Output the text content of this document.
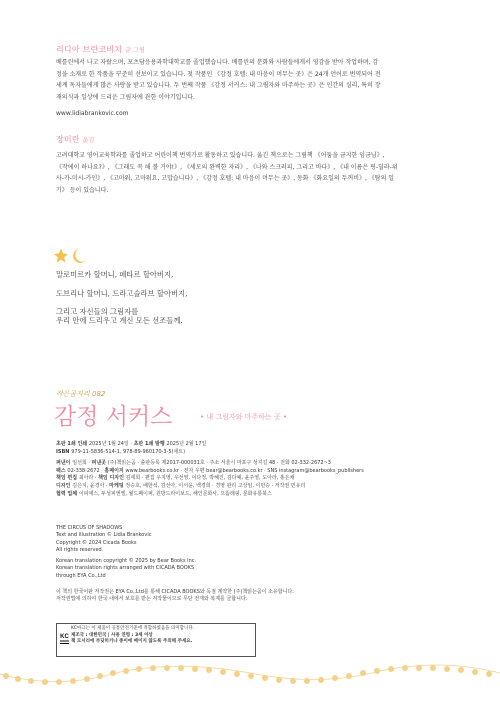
리디아 브란코비치 글 그림
베를린에서 나고 자랐으며, 포츠담응용과학대학교를 졸업했습니다. 베를린의 문화와 사람들에게서 영감을 받아 작업하며, 감
정을 소재로 한 작품을 꾸준히 선보이고 있습니다. 첫 작품인 《감정 호텔: 내 마음이 머무는 곳》은 24개 언어로 번역되어 전
세계 독자들에게 많은 사랑을 받고 있습니다. 두 번째 작품 《감정 서커스: 내 그림자와 마주하는 곳》은 인간의 심리, 특히 장
재의식과 일상에 드리운 그림자에 관한 이야기입니다.
www.lidiabrankovic.com
장미란 옮김
고려대학교 영어교육학과를 졸업하고 어린이책 번역가로 활동하고 있습니다. 옮긴 책으로는 그림책 《어둠을 금지한 임금님》,
《작에이 하나요?》, 《그래도 꼭 해 볼 거야!》, 《세모의 완벽한 자리》, 《나와 스크러피, 그리고 바다》, 《내 이름은 링-딜라-위
사-카-미시-카인》, 《고마워, 고마워요, 고맙습니다》, 《감정 호텔: 내 마음이 머무는 곳》, 동화 《화요일의 두꺼비》, 《탐의 일
기》 등이 있습니다.
말로미르카 할머니, 페타르 할아버지,
도브리나 할머니, 드라고슬라브 할아버지,
그리고 자신들의 그림자를
우리 안에 드리우고 계신 모든 선조들께.
작은곰자리 082
감정 서커스	• 내 그림자와 마주하는 곳 •
초판 1쇄 인쇄 2025년 1월 24일 · 초판 1쇄 발행 2025년 2월 17일
ISBN 979-11-5836-514-1, 978-89-960170-3-5(세트)
펴낸이 임선희 · 펴낸곳 (주)책읽는곰 · 출판등록 제2017-000031호 · 주소 서울시 마포구 성지길 48 · 전화 02-332-2672~3
팩스 02-338-2672 · 홈페이지 www.bearbooks.co.kr · 전자 우편 bear@bearbooks.co.kr · SNS instagram@bearbooks_publishers
책임 편집 최아라 · 책임 디자인 김세희 · 편집 우지영, 우선영, 이다정, 박혜진, 김다예, 윤주영, 도아라, 홍은채
디자인 김은지, 윤경아 · 마케팅 정승호, 배한석, 김선아, 이서윤, 백경희 · 경영 관리 고상임, 이민승 · 저작권 민유리
협력 업체 이피에스, 두성피앤엘, 월드페이퍼, 원방드라이보드, 해인문화사, 으뜸래핑, 문화유통북스
THE CIRCUS OF SHADOWS
Text and illustration © Lidia Brankovic
Copyright © 2024 Cicada Books
All rights reserved.
Korean translation copyright © 2025 by Bear Books Inc.
Korean translation rights arranged with CICADA BOOKS
through EYA Co.,Ltd
이 책의 한국어판 저작권은 EYA Co.,Ltd를 통해 CICADA BOOKS와 독점 계약한 (주)책읽는곰이 소유합니다.
저작권법에 의하여 한국 내에서 보호를 받는 저작물이므로 무단 전재와 복제를 금합니다.
KC
KC마크는 이 제품이 공통안전기준에 적합하였음을 의미합니다.
제조국 : 대한민국 | 사용 연령 : 3세 이상
책 모서리에 부딪히거나 종이에 베이지 않도록 주의해 주세요.
